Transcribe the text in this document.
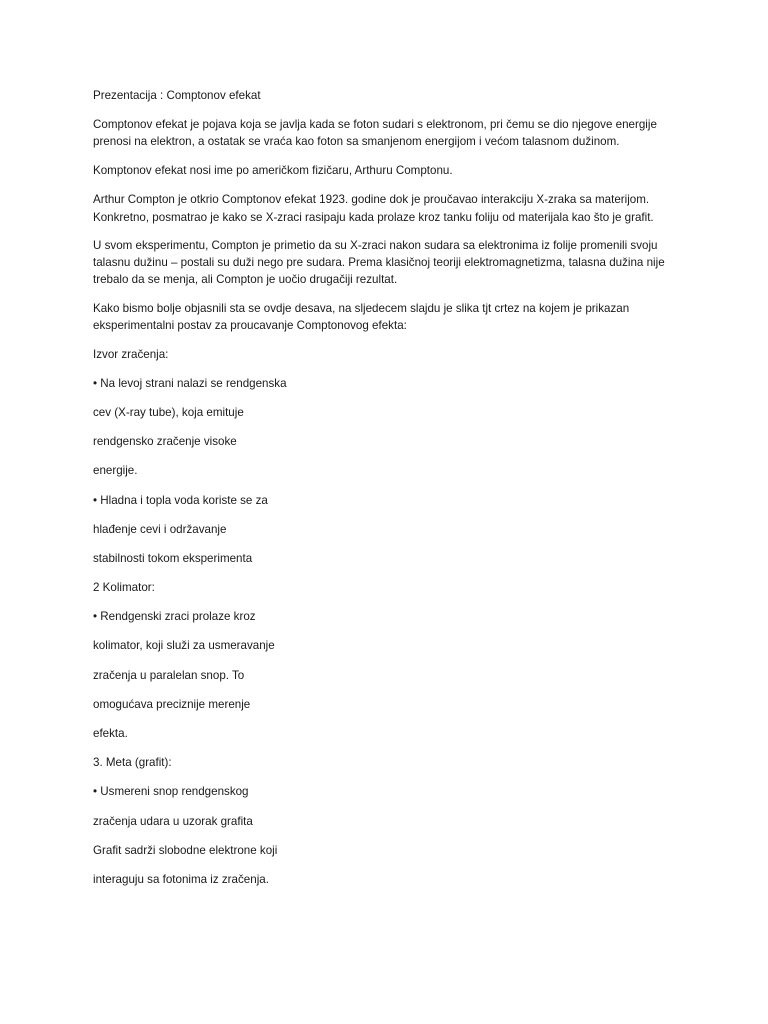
Prezentacija : Comptonov efekat
Comptonov efekat je pojava koja se javlja kada se foton sudari s elektronom, pri čemu se dio njegove energije
prenosi na elektron, a ostatak se vraća kao foton sa smanjenom energijom i većom talasnom dužinom.
Komptonov efekat nosi ime po američkom fizičaru, Arthuru Comptonu.
Arthur Compton je otkrio Comptonov efekat 1923. godine dok je proučavao interakciju X-zraka sa materijom.
Konkretno, posmatrao je kako se X-zraci rasipaju kada prolaze kroz tanku foliju od materijala kao što je grafit.
U svom eksperimentu, Compton je primetio da su X-zraci nakon sudara sa elektronima iz folije promenili svoju
talasnu dužinu – postali su duži nego pre sudara. Prema klasičnoj teoriji elektromagnetizma, talasna dužina nije
trebalo da se menja, ali Compton je uočio drugačiji rezultat.
Kako bismo bolje objasnili sta se ovdje desava, na sljedecem slajdu je slika tjt crtez na kojem je prikazan
eksperimentalni postav za proucavanje Comptonovog efekta:
Izvor zračenja:
• Na levoj strani nalazi se rendgenska
cev (X-ray tube), koja emituje
rendgensko zračenje visoke
energije.
• Hladna i topla voda koriste se za
hlađenje cevi i održavanje
stabilnosti tokom eksperimenta
2 Kolimator:
• Rendgenski zraci prolaze kroz
kolimator, koji služi za usmeravanje
zračenja u paralelan snop. To
omogućava preciznije merenje
efekta.
3. Meta (grafit):
• Usmereni snop rendgenskog
zračenja udara u uzorak grafita
Grafit sadrži slobodne elektrone koji
interaguju sa fotonima iz zračenja.
